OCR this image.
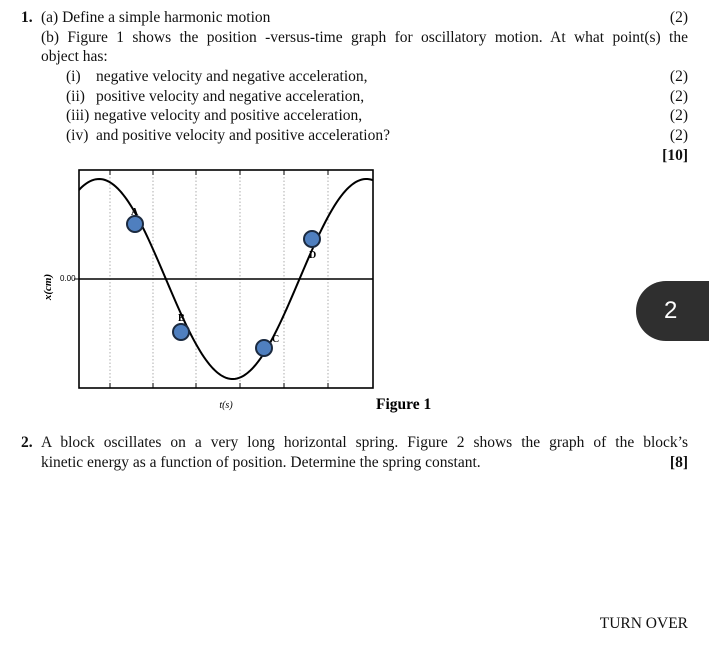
1. (a) Define a simple harmonic motion	(2)
(b) Figure 1 shows the position -versus-time graph for oscillatory motion. At what point(s) the
object has:
(i) negative velocity and negative acceleration,	(2)
(ii) positive velocity and negative acceleration,	(2)
(iii) negative velocity and positive acceleration,	(2)
(iv) and positive velocity and positive acceleration?	(2)
[10]
A
B
C
D
0.00
x(cm)
t(s)	Figure 1
2
2. A block oscillates on a very long horizontal spring. Figure 2 shows the graph of the block’s
kinetic energy as a function of position. Determine the spring constant.	[8]
TURN OVER
